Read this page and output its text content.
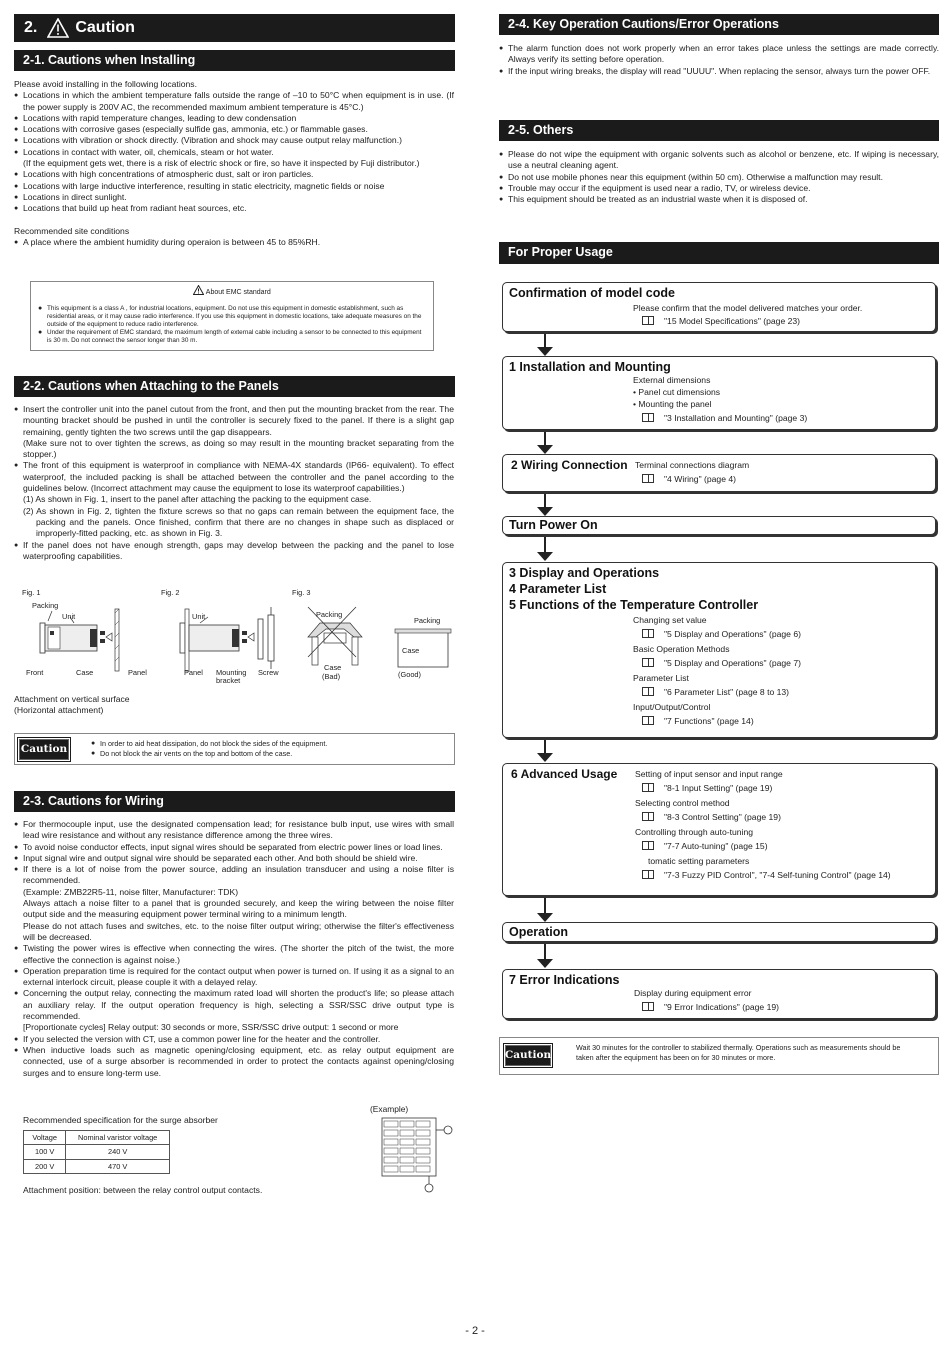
2. Caution
2-1. Cautions when Installing

Please avoid installing in the following locations.

● Locations in which the ambient temperature falls outside the range of –10 to 50°C when equipment is in use. (If the power supply is 200V AC, the recommended maximum ambient temperature is 45°C.)

● Locations with rapid temperature changes, leading to dew condensation

● Locations with corrosive gases (especially sulfide gas, ammonia, etc.) or flammable gases.

● Locations with vibration or shock directly. (Vibration and shock may cause output relay malfunction.)

● Locations in contact with water, oil, chemicals, steam or hot water.

(If the equipment gets wet, there is a risk of electric shock or fire, so have it inspected by Fuji distributor.)

● Locations with high concentrations of atmospheric dust, salt or iron particles.

● Locations with large inductive interference, resulting in static electricity, magnetic fields or noise

● Locations in direct sunlight.

● Locations that build up heat from radiant heat sources, etc.

Recommended site conditions

● A place where the ambient humidity during operaion is between 45 to 85%RH.

About EMC standard

● This equipment is a class A , for industrial locations, equipment. Do not use this equipment in domestic establishment, such as residential areas, or it may cause radio interference. If you use this equipment in domestic locations, take adequate measures on the outside of the equipment to reduce radio interference.

● Under the requirement of EMC standard, the maximum length of external cable including a sensor to be connected to this equipment is 30 m. Do not connect the sensor longer than 30 m.

2-2. Cautions when Attaching to the Panels

● Insert the controller unit into the panel cutout from the front, and then put the mounting bracket from the rear. The mounting bracket should be pushed in until the controller is securely fixed to the panel. If there is a slight gap remaining, gently tighten the two screws until the gap disappears.

(Make sure not to over tighten the screws, as doing so may result in the mounting bracket separating from the stopper.)

● The front of this equipment is waterproof in compliance with NEMA-4X standards (IP66- equivalent). To effect waterproof, the included packing is shall be attached between the controller and the panel according to the guidelines below. (Incorrect attachment may cause the equipment to lose its waterproof capabilities.)

(1) As shown in Fig. 1, insert to the panel after attaching the packing to the equipment case.

(2) As shown in Fig. 2, tighten the fixture screws so that no gaps can remain between the equipment face, the packing and the panels. Once finished, confirm that there are no changes in shape such as displaced or improperly-fitted packing, etc. as shown in Fig. 3.

● If the panel does not have enough strength, gaps may develop between the packing and the panel to lose waterproofing capabilities.

Fig. 1	Fig. 2	Fig. 3
Packing
Unit
Front	Case	Panel
Unit
Panel Mounting
bracket
Screw
Packing
Case
(Bad)
Packing
Case
(Good)

Attachment on vertical surface

(Horizontal attachment)

Caution	● In order to aid heat dissipation, do not block the sides of the equipment.

● Do not block the air vents on the top and bottom of the case.

2-3. Cautions for Wiring

● For thermocouple input, use the designated compensation lead; for resistance bulb input, use wires with small lead wire resistance and without any resistance difference among the three wires.

● To avoid noise conductor effects, input signal wires should be separated from electric power lines or load lines.

● Input signal wire and output signal wire should be separated each other. And both should be shield wire.

● If there is a lot of noise from the power source, adding an insulation transducer and using a noise filter is recommended.

(Example: ZMB22R5-11, noise filter, Manufacturer: TDK)

Always attach a noise filter to a panel that is grounded securely, and keep the wiring between the noise filter output side and the measuring equipment power terminal wiring to a minimum length.

Please do not attach fuses and switches, etc. to the noise filter output wiring; otherwise the filter's effectiveness will be decreased.

● Twisting the power wires is effective when connecting the wires. (The shorter the pitch of the twist, the more effective the connection is against noise.)

● Operation preparation time is required for the contact output when power is turned on. If using it as a signal to an external interlock circuit, please couple it with a delayed relay.

● Concerning the output relay, connecting the maximum rated load will shorten the product's life; so please attach an auxiliary relay. If the output operation frequency is high, selecting a SSR/SSC drive output type is recommended.

[Proportionate cycles] Relay output: 30 seconds or more, SSR/SSC drive output: 1 second or more

● If you selected the version with CT, use a common power line for the heater and the controller.

● When inductive loads such as magnetic opening/closing equipment, etc. as relay output equipment are connected, use of a surge absorber is recommended in order to protect the contacts against opening/closing surges and to ensure long-term use.

(Example)

Recommended specification for the surge absorber

Voltage	Nominal varistor voltage
100 V	240 V
200 V	470 V

Attachment position: between the relay control output contacts.

2-4. Key Operation Cautions/Error Operations

● The alarm function does not work properly when an error takes place unless the settings are made correctly. Always verify its setting before operation.

● If the input wiring breaks, the display will read "UUUU". When replacing the sensor, always turn the power OFF.

2-5. Others

● Please do not wipe the equipment with organic solvents such as alcohol or benzene, etc. If wiping is necessary, use a neutral cleaning agent.

● Do not use mobile phones near this equipment (within 50 cm). Otherwise a malfunction may result.

● Trouble may occur if the equipment is used near a radio, TV, or wireless device.

● This equipment should be treated as an industrial waste when it is disposed of.

For Proper Usage
Confirmation of model code
Please confirm that the model delivered matches your order.
"15 Model Specifications" (page 23)
1 Installation and Mounting
External dimensions
• Panel cut dimensions
• Mounting the panel
"3 Installation and Mounting" (page 3)
2 Wiring Connection Terminal connections diagram
"4 Wiring" (page 4)
Turn Power On
3 Display and Operations
4 Parameter List
5 Functions of the Temperature Controller
Changing set value
"5 Display and Operations" (page 6)
Basic Operation Methods
"5 Display and Operations" (page 7)
Parameter List
"6 Parameter List" (page 8 to 13)
Input/Output/Control
"7 Functions" (page 14)
6 Advanced Usage Setting of input sensor and input range
"8-1 Input Setting" (page 19)
Selecting control method
"8-3 Control Setting" (page 19)
Controlling through auto-tuning
"7-7 Auto-tuning" (page 15)
tomatic setting parameters
"7-3 Fuzzy PID Control", "7-4 Self-tuning Control" (page 14)
Operation
7 Error Indications
Display during equipment error
"9 Error Indications" (page 19)
Caution
Wait 30 minutes for the controller to stabilized thermally. Operations such as measurements should be taken after the equipment has been on for 30 minutes or more.
- 2 -
